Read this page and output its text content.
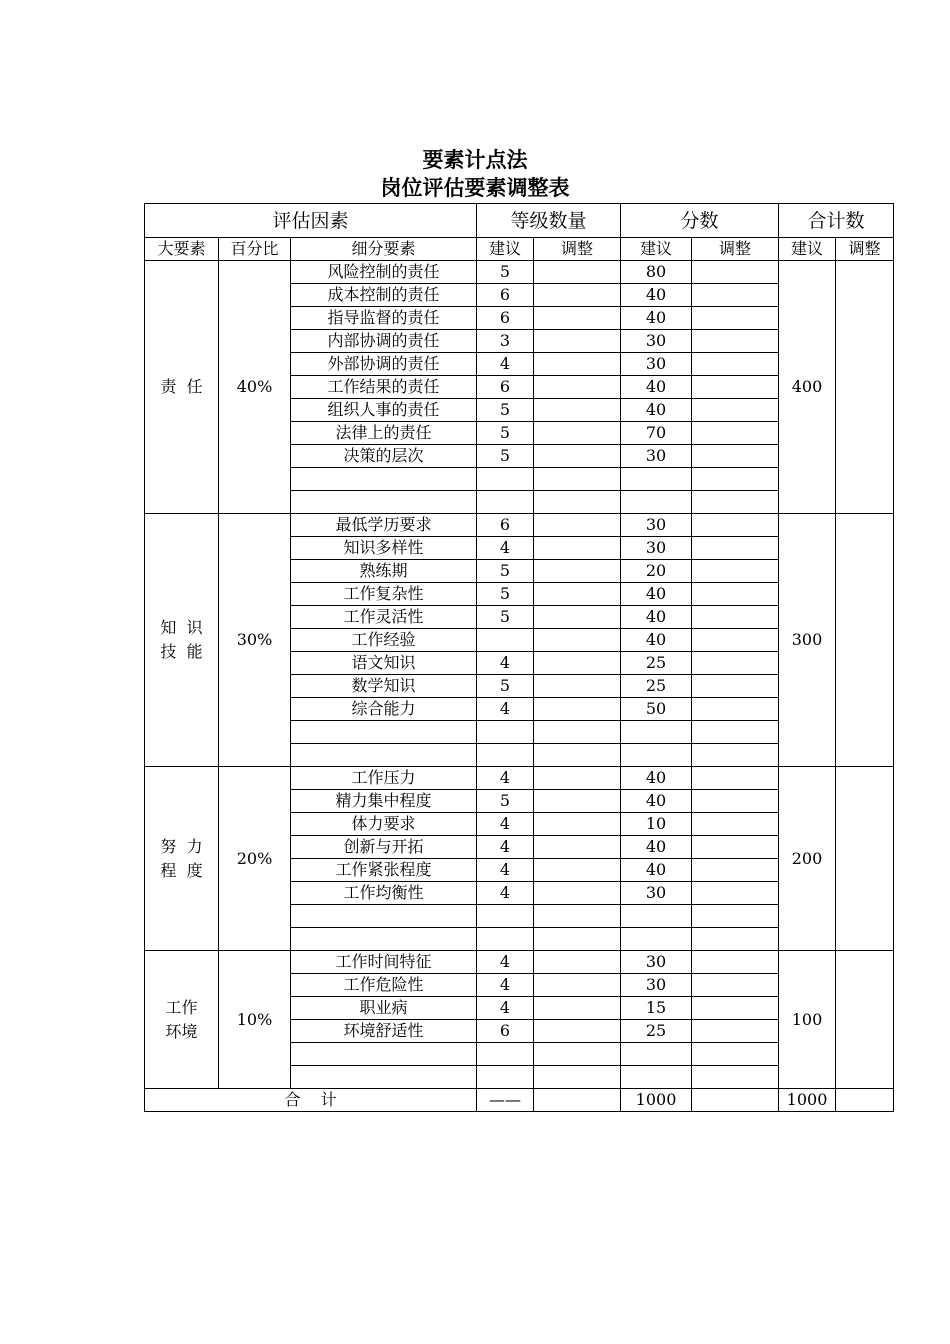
要素计点法
岗位评估要素调整表
评估因素			等级数量		分数		合计数	
大要素	百分比	细分要素	建议	调整	建议	调整	建议	调整

责  任	40%	风险控制的责任	5		80		400	
		成本控制的责任	6		40			
		指导监督的责任	6		40			
		内部协调的责任	3		30			
		外部协调的责任	4		30			
		工作结果的责任	6		40			
		组织人事的责任	5		40			
		法律上的责任	5		70			
		决策的层次	5		30			

知  识
技  能	30%	最低学历要求	6		30		300	
		知识多样性	4		30			
		熟练期	5		20			
		工作复杂性	5		40			
		工作灵活性	5		40			
		工作经验			40			
		语文知识	4		25			
		数学知识	5		25			
		综合能力	4		50			

努  力
程  度	20%	工作压力	4		40		200	
		精力集中程度	5		40			
		体力要求	4		10			
		创新与开拓	4		40			
		工作紧张程度	4		40			
		工作均衡性	4		30			

工作
环境	10%	工作时间特征	4		30		100	
		工作危险性	4		30			
		职业病	4		15			
		环境舒适性	6		25			

合    计			——		1000		1000	
